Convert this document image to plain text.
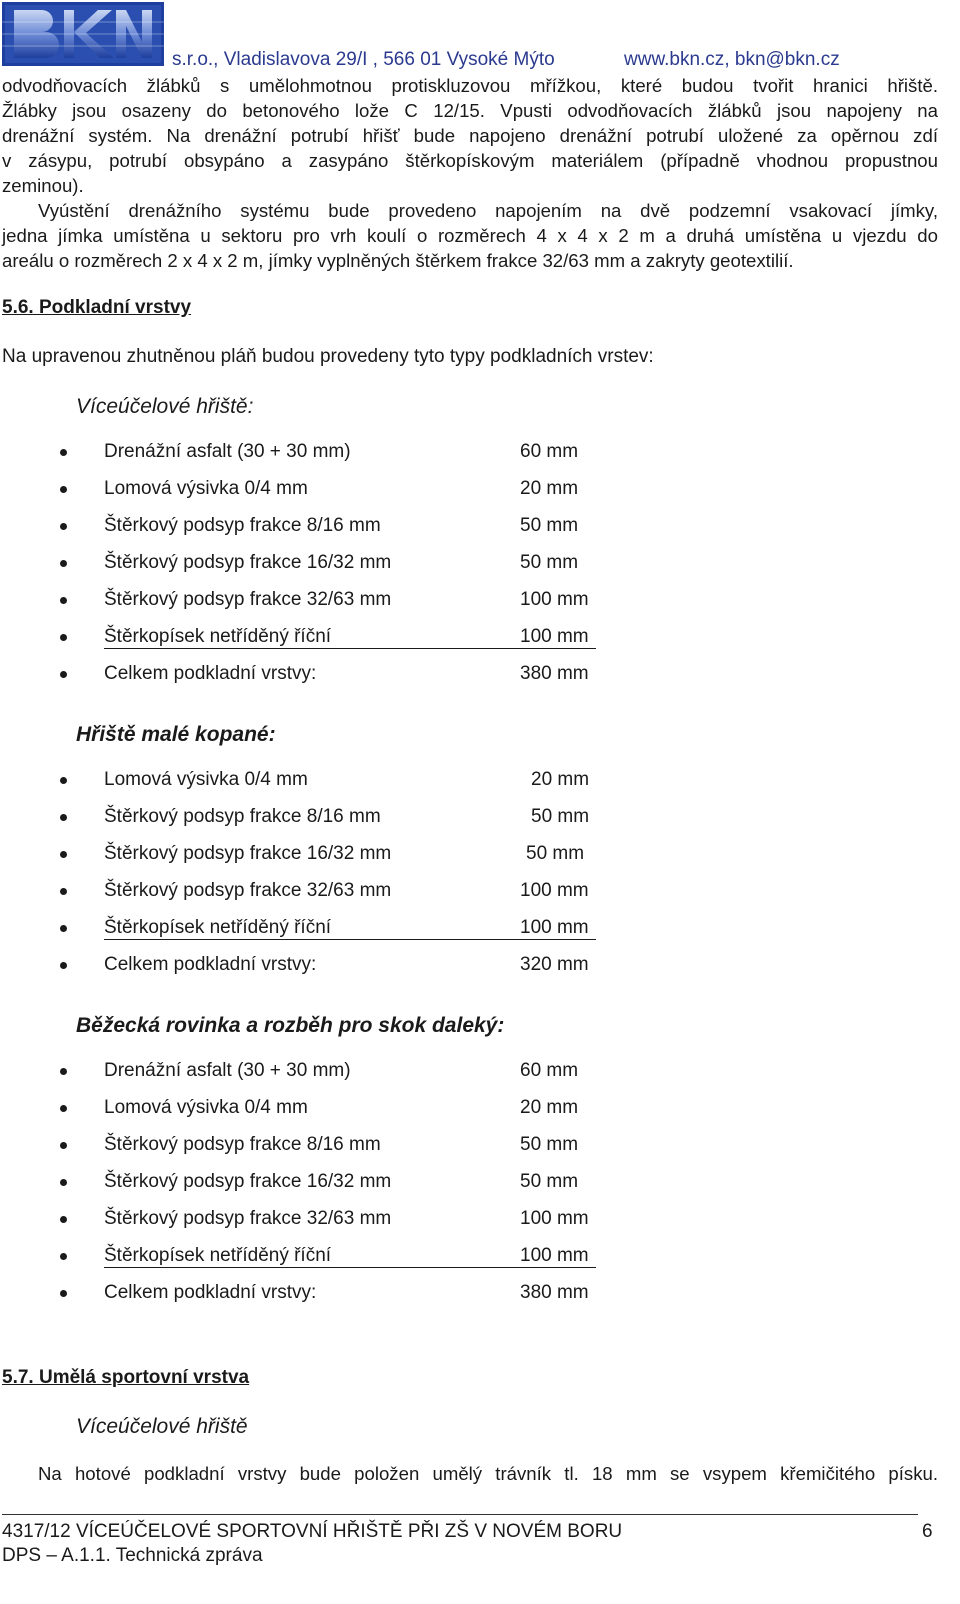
s.r.o., Vladislavova 29/I , 566 01 Vysoké Mýto	www.bkn.cz, bkn@bkn.cz
odvodňovacích žlábků s umělohmotnou protiskluzovou mřížkou, které budou tvořit hranici hřiště.
Žlábky jsou osazeny do betonového lože C 12/15. Vpusti odvodňovacích žlábků jsou napojeny na
drenážní systém. Na drenážní potrubí hřišť bude napojeno drenážní potrubí uložené za opěrnou zdí
v zásypu, potrubí obsypáno a zasypáno štěrkopískovým materiálem (případně vhodnou propustnou
zeminou).
Vyústění drenážního systému bude provedeno napojením na dvě podzemní vsakovací jímky,
jedna jímka umístěna u sektoru pro vrh koulí o rozměrech 4 x 4 x 2 m a druhá umístěna u vjezdu do
areálu o rozměrech 2 x 4 x 2 m, jímky vyplněných štěrkem frakce 32/63 mm a zakryty geotextilií.
5.6. Podkladní vrstvy
Na upravenou zhutněnou pláň budou provedeny tyto typy podkladních vrstev:
Víceúčelové hřiště:
Drenážní asfalt (30 + 30 mm)	60 mm
Lomová výsivka 0/4 mm	20 mm
Štěrkový podsyp frakce 8/16 mm	50 mm
Štěrkový podsyp frakce 16/32 mm	50 mm
Štěrkový podsyp frakce 32/63 mm	100 mm
Štěrkopísek netříděný říční	100 mm
Celkem podkladní vrstvy:	380 mm
Hřiště malé kopané:
Lomová výsivka 0/4 mm	20 mm
Štěrkový podsyp frakce 8/16 mm	50 mm
Štěrkový podsyp frakce 16/32 mm	50 mm
Štěrkový podsyp frakce 32/63 mm	100 mm
Štěrkopísek netříděný říční	100 mm
Celkem podkladní vrstvy:	320 mm
Běžecká rovinka a rozběh pro skok daleký:
Drenážní asfalt (30 + 30 mm)	60 mm
Lomová výsivka 0/4 mm	20 mm
Štěrkový podsyp frakce 8/16 mm	50 mm
Štěrkový podsyp frakce 16/32 mm	50 mm
Štěrkový podsyp frakce 32/63 mm	100 mm
Štěrkopísek netříděný říční	100 mm
Celkem podkladní vrstvy:	380 mm
5.7. Umělá sportovní vrstva
Víceúčelové hřiště
Na hotové podkladní vrstvy bude položen umělý trávník tl. 18 mm se vsypem křemičitého písku.
4317/12 VÍCEÚČELOVÉ SPORTOVNÍ HŘIŠTĚ PŘI ZŠ V NOVÉM BORU	6
DPS – A.1.1. Technická zpráva
